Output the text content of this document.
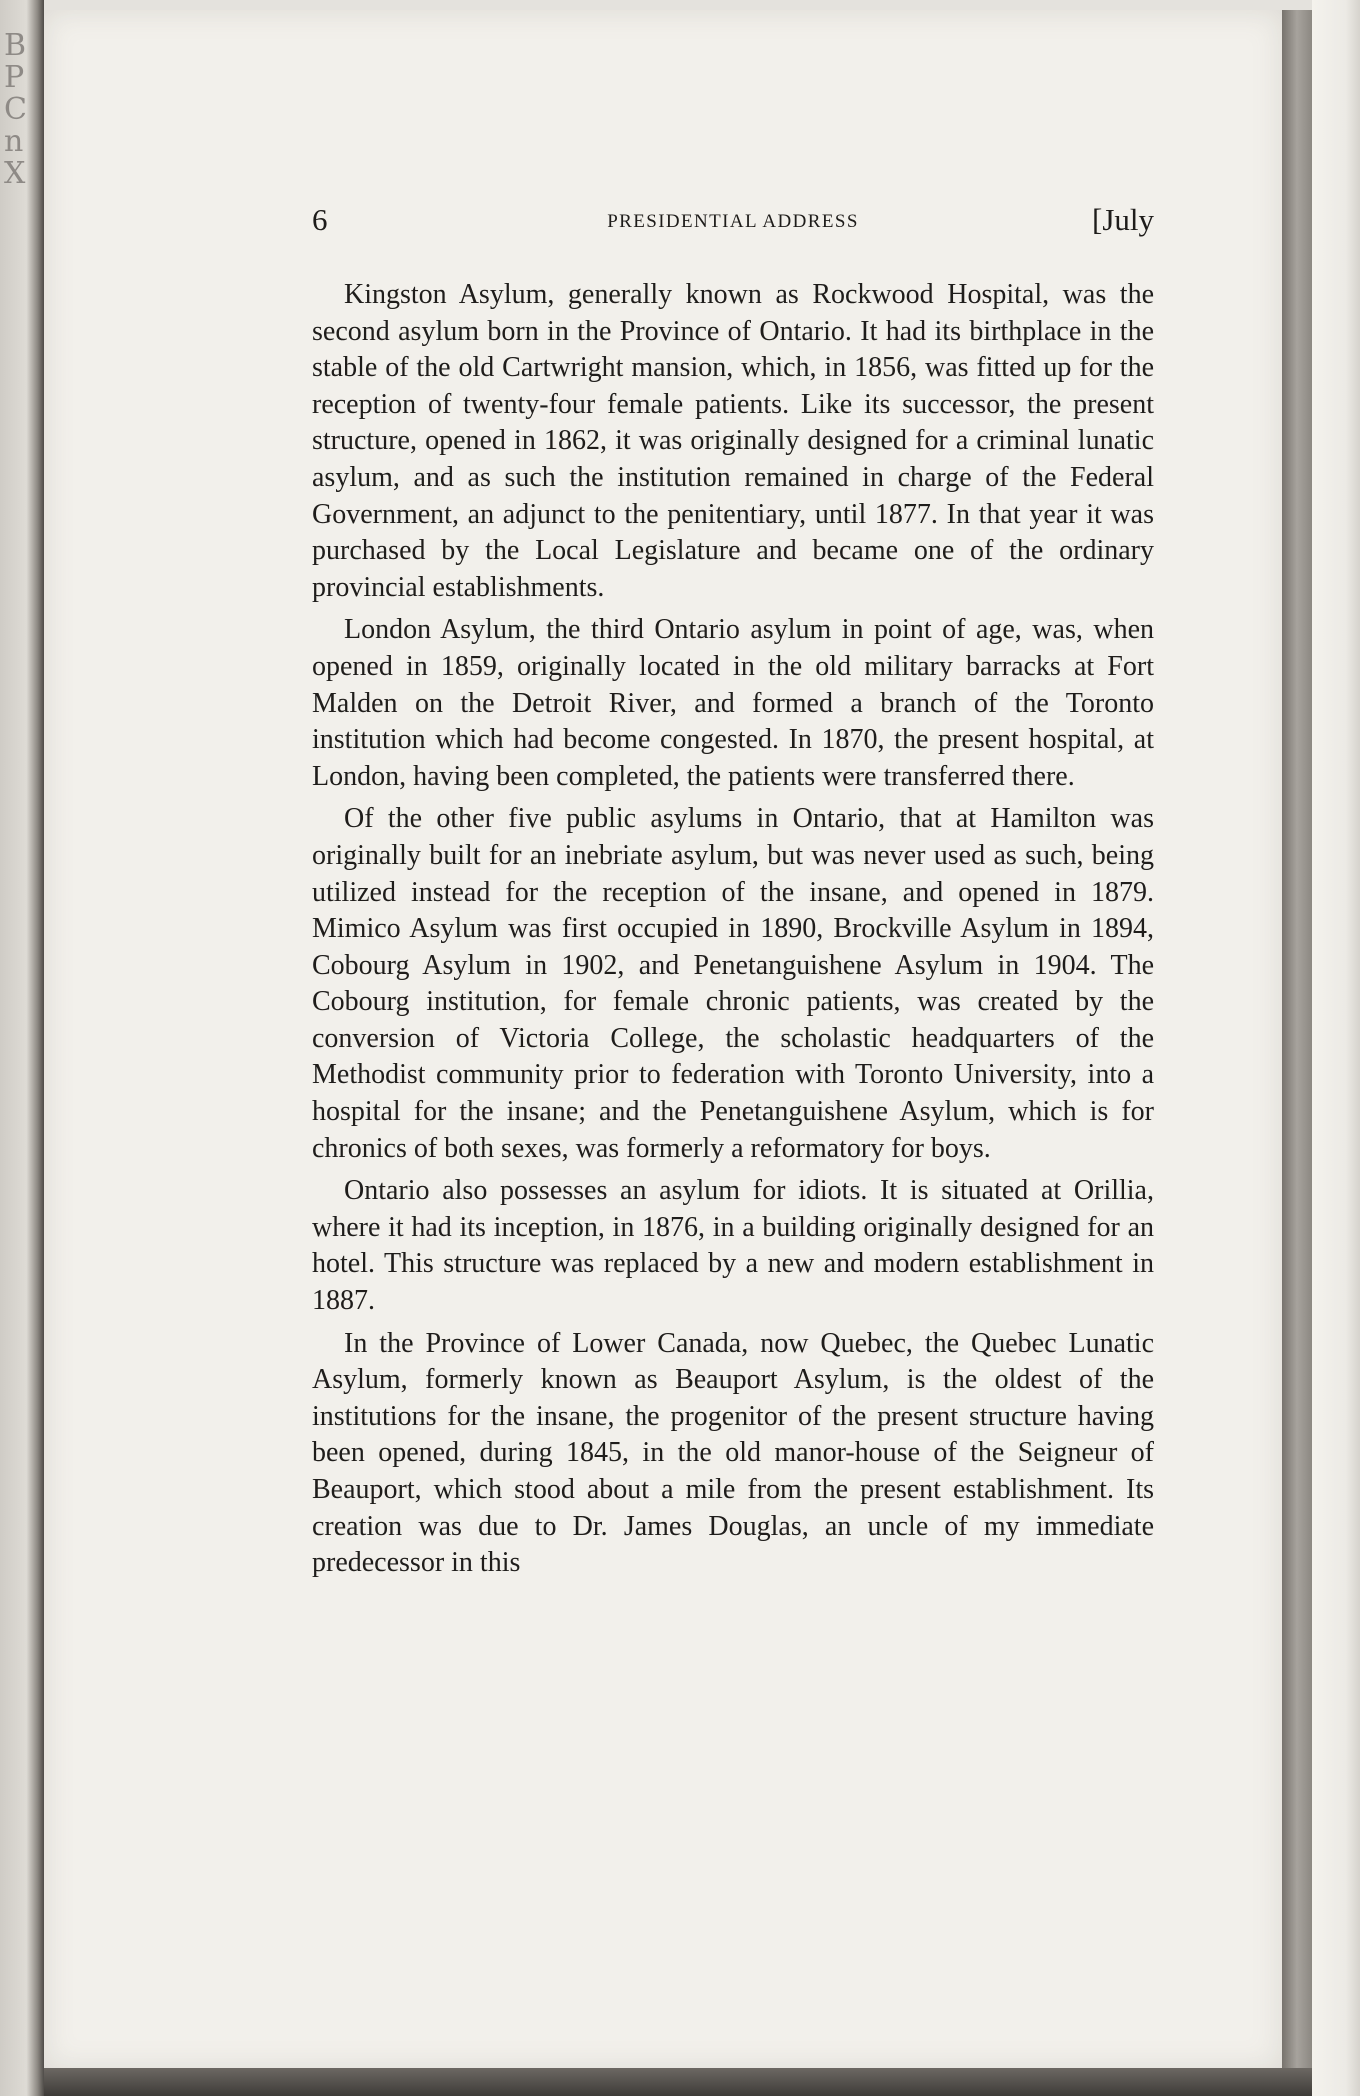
B
P
C
n
X
6	PRESIDENTIAL ADDRESS	[July

Kingston Asylum, generally known as Rockwood Hospital, was the second asylum born in the Province of Ontario. It had its birthplace in the stable of the old Cartwright mansion, which, in 1856, was fitted up for the reception of twenty-four female patients. Like its successor, the present structure, opened in 1862, it was originally designed for a criminal lunatic asylum, and as such the institution remained in charge of the Federal Government, an adjunct to the penitentiary, until 1877. In that year it was purchased by the Local Legislature and became one of the ordinary provincial establishments.

London Asylum, the third Ontario asylum in point of age, was, when opened in 1859, originally located in the old military barracks at Fort Malden on the Detroit River, and formed a branch of the Toronto institution which had become congested. In 1870, the present hospital, at London, having been completed, the patients were transferred there.

Of the other five public asylums in Ontario, that at Hamilton was originally built for an inebriate asylum, but was never used as such, being utilized instead for the reception of the insane, and opened in 1879. Mimico Asylum was first occupied in 1890, Brockville Asylum in 1894, Cobourg Asylum in 1902, and Penetanguishene Asylum in 1904. The Cobourg institution, for female chronic patients, was created by the conversion of Victoria College, the scholastic headquarters of the Methodist community prior to federation with Toronto University, into a hospital for the insane; and the Penetanguishene Asylum, which is for chronics of both sexes, was formerly a reformatory for boys.

Ontario also possesses an asylum for idiots. It is situated at Orillia, where it had its inception, in 1876, in a building originally designed for an hotel. This structure was replaced by a new and modern establishment in 1887.

In the Province of Lower Canada, now Quebec, the Quebec Lunatic Asylum, formerly known as Beauport Asylum, is the oldest of the institutions for the insane, the progenitor of the present structure having been opened, during 1845, in the old manor-house of the Seigneur of Beauport, which stood about a mile from the present establishment. Its creation was due to Dr. James Douglas, an uncle of my immediate predecessor in this
